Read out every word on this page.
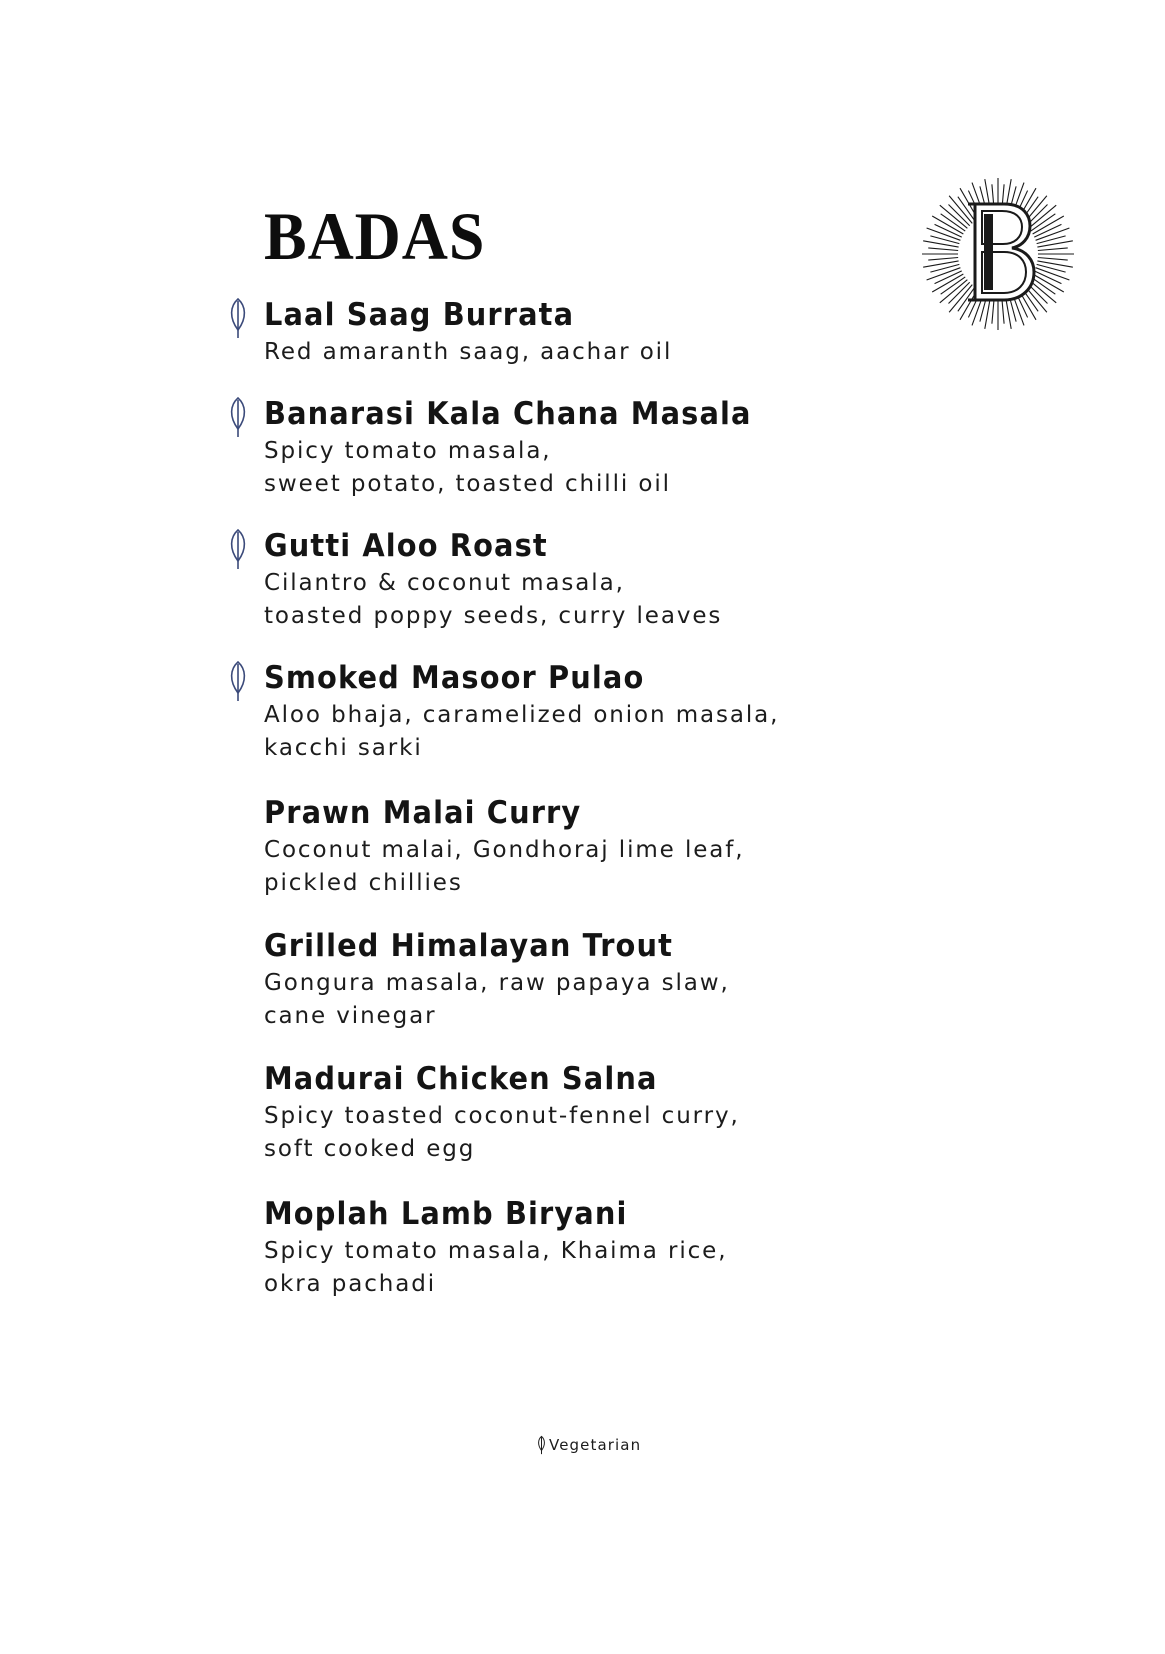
BADAS
Laal Saag Burrata
Red amaranth saag, aachar oil
Banarasi Kala Chana Masala
Spicy tomato masala,
sweet potato, toasted chilli oil
Gutti Aloo Roast
Cilantro & coconut masala,
toasted poppy seeds, curry leaves
Smoked Masoor Pulao
Aloo bhaja, caramelized onion masala,
kacchi sarki
Prawn Malai Curry
Coconut malai, Gondhoraj lime leaf,
pickled chillies
Grilled Himalayan Trout
Gongura masala, raw papaya slaw,
cane vinegar
Madurai Chicken Salna
Spicy toasted coconut-fennel curry,
soft cooked egg
Moplah Lamb Biryani
Spicy tomato masala, Khaima rice,
okra pachadi
Vegetarian
